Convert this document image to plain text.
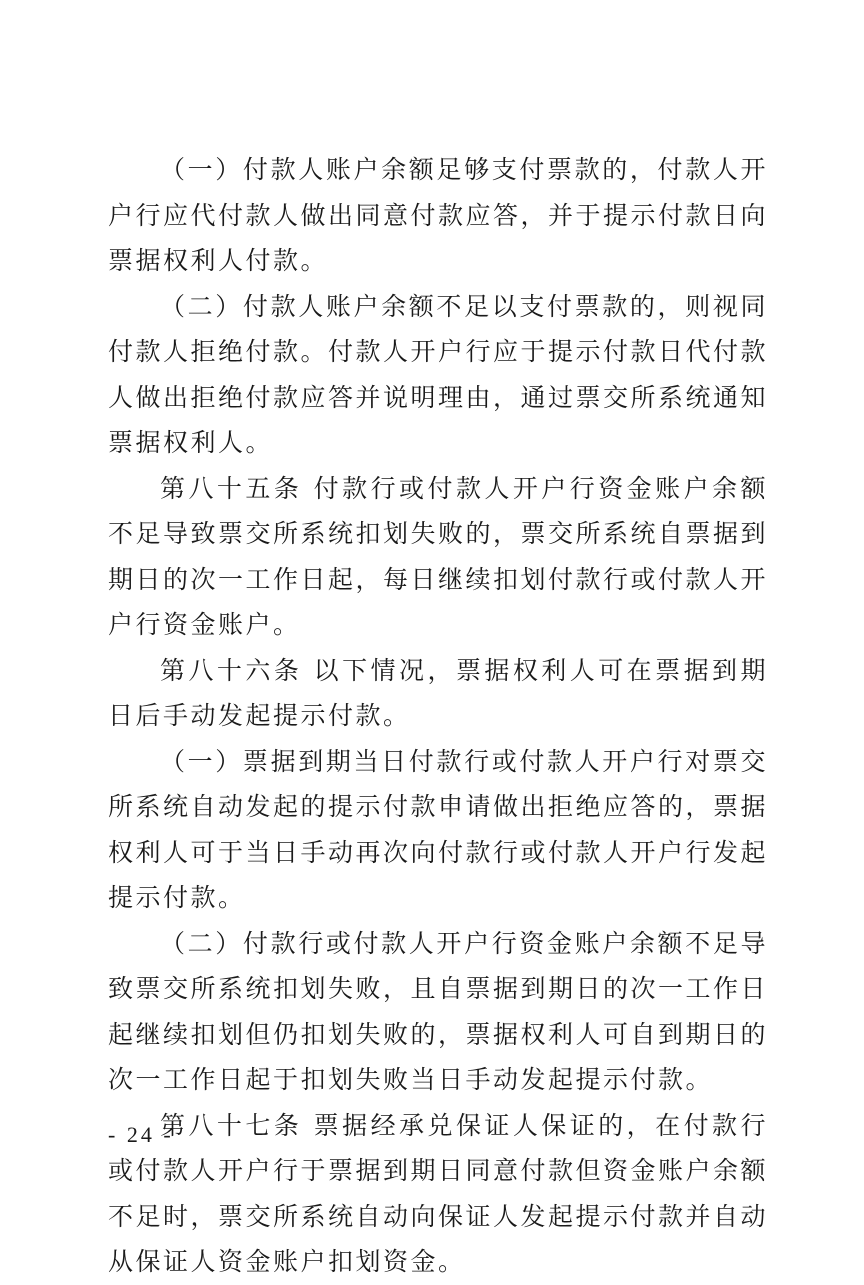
（一）付款人账户余额足够支付票款的，付款人开户行应代付款人做出同意付款应答，并于提示付款日向票据权利人付款。

（二）付款人账户余额不足以支付票款的，则视同付款人拒绝付款。付款人开户行应于提示付款日代付款人做出拒绝付款应答并说明理由，通过票交所系统通知票据权利人。

第八十五条 付款行或付款人开户行资金账户余额不足导致票交所系统扣划失败的，票交所系统自票据到期日的次一工作日起，每日继续扣划付款行或付款人开户行资金账户。

第八十六条 以下情况，票据权利人可在票据到期日后手动发起提示付款。

（一）票据到期当日付款行或付款人开户行对票交所系统自动发起的提示付款申请做出拒绝应答的，票据权利人可于当日手动再次向付款行或付款人开户行发起提示付款。

（二）付款行或付款人开户行资金账户余额不足导致票交所系统扣划失败，且自票据到期日的次一工作日起继续扣划但仍扣划失败的，票据权利人可自到期日的次一工作日起于扣划失败当日手动发起提示付款。

第八十七条 票据经承兑保证人保证的，在付款行或付款人开户行于票据到期日同意付款但资金账户余额不足时，票交所系统自动向保证人发起提示付款并自动从保证人资金账户扣划资金。

- 24 -
